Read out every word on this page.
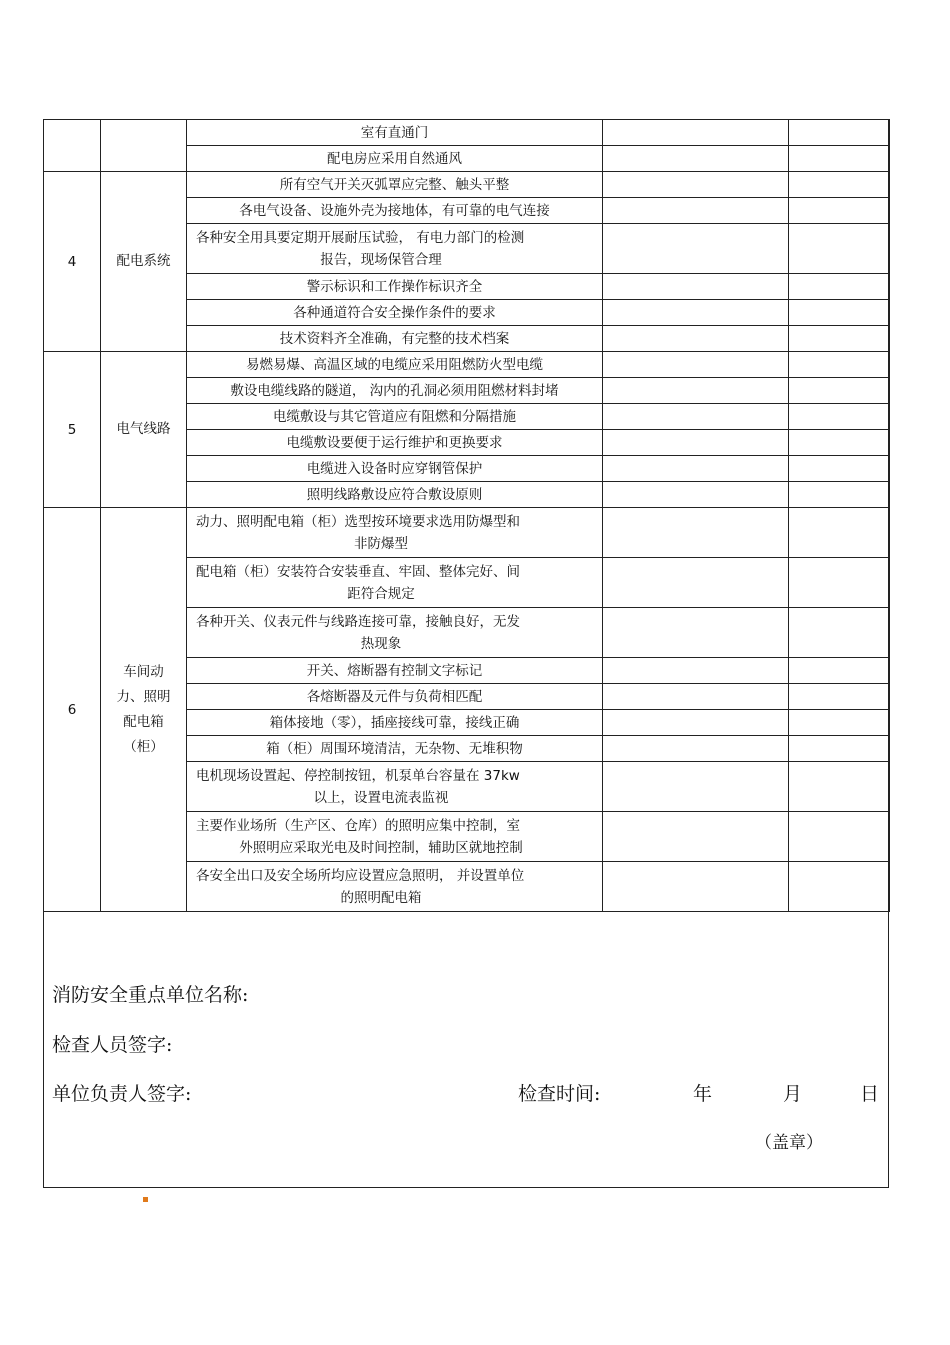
		室有直通门		

		配电房应采用自然通风		

4	配电系统	所有空气开关灭弧罩应完整、触头平整		

		各电气设备、设施外壳为接地体，有可靠的电气连接		

		各种安全用具要定期开展耐压试验， 有电力部门的检测
报告，现场保管合理		

		警示标识和工作操作标识齐全		

		各种通道符合安全操作条件的要求		

		技术资料齐全准确，有完整的技术档案		

5	电气线路	易燃易爆、高温区域的电缆应采用阻燃防火型电缆		

		敷设电缆线路的隧道， 沟内的孔洞必须用阻燃材料封堵		

		电缆敷设与其它管道应有阻燃和分隔措施		

		电缆敷设要便于运行维护和更换要求		

		电缆进入设备时应穿钢管保护		

		照明线路敷设应符合敷设原则		

6	车间动
力、照明
配电箱
（柜）	动力、照明配电箱（柜）选型按环境要求选用防爆型和
非防爆型		

		配电箱（柜）安装符合安装垂直、牢固、整体完好、间
距符合规定		

		各种开关、仪表元件与线路连接可靠，接触良好，无发
热现象		

		开关、熔断器有控制文字标记		

		各熔断器及元件与负荷相匹配		

		箱体接地（零），插座接线可靠，接线正确		

		箱（柜）周围环境清洁，无杂物、无堆积物		

		电机现场设置起、停控制按钮，机泵单台容量在 37kw
以上，设置电流表监视		

		主要作业场所（生产区、仓库）的照明应集中控制，室
外照明应采取光电及时间控制，辅助区就地控制		

		各安全出口及安全场所均应设置应急照明， 并设置单位
的照明配电箱		

消防安全重点单位名称:
检查人员签字:
单位负责人签字:	检查时间:	年	月	日
（盖章）
